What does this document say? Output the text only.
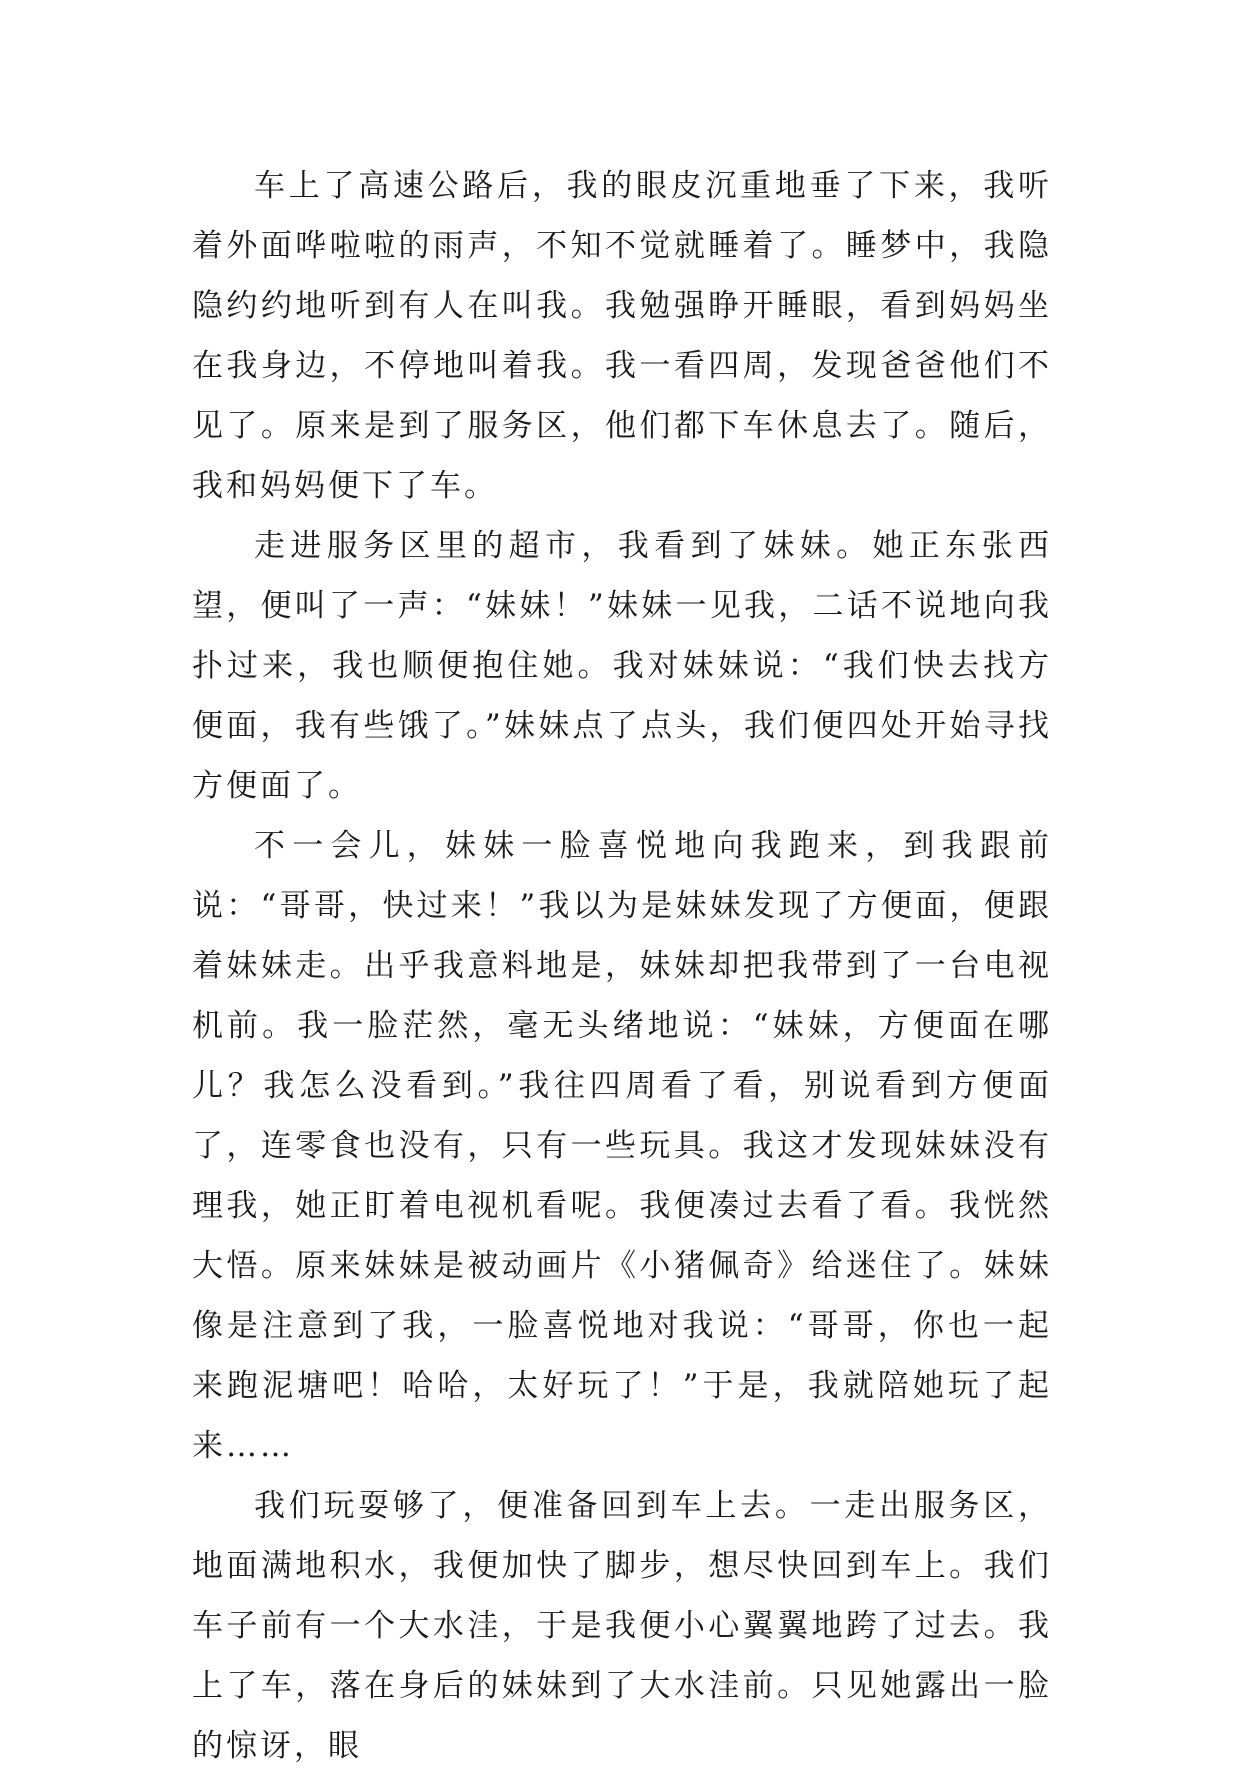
车上了高速公路后，我的眼皮沉重地垂了下来，我听着外面哗啦啦的雨声，不知不觉就睡着了。睡梦中，我隐隐约约地听到有人在叫我。我勉强睁开睡眼，看到妈妈坐在我身边，不停地叫着我。我一看四周，发现爸爸他们不见了。原来是到了服务区，他们都下车休息去了。随后，我和妈妈便下了车。

走进服务区里的超市，我看到了妹妹。她正东张西望，便叫了一声：“妹妹！”妹妹一见我，二话不说地向我扑过来，我也顺便抱住她。我对妹妹说：“我们快去找方便面，我有些饿了。”妹妹点了点头，我们便四处开始寻找方便面了。

不一会儿，妹妹一脸喜悦地向我跑来，到我跟前说：“哥哥，快过来！”我以为是妹妹发现了方便面，便跟着妹妹走。出乎我意料地是，妹妹却把我带到了一台电视机前。我一脸茫然，毫无头绪地说：“妹妹，方便面在哪儿？我怎么没看到。”我往四周看了看，别说看到方便面了，连零食也没有，只有一些玩具。我这才发现妹妹没有理我，她正盯着电视机看呢。我便凑过去看了看。我恍然大悟。原来妹妹是被动画片《小猪佩奇》给迷住了。妹妹像是注意到了我，一脸喜悦地对我说：“哥哥，你也一起来跑泥塘吧！哈哈，太好玩了！”于是，我就陪她玩了起来……

我们玩耍够了，便准备回到车上去。一走出服务区，地面满地积水，我便加快了脚步，想尽快回到车上。我们车子前有一个大水洼，于是我便小心翼翼地跨了过去。我上了车，落在身后的妹妹到了大水洼前。只见她露出一脸的惊讶，眼
